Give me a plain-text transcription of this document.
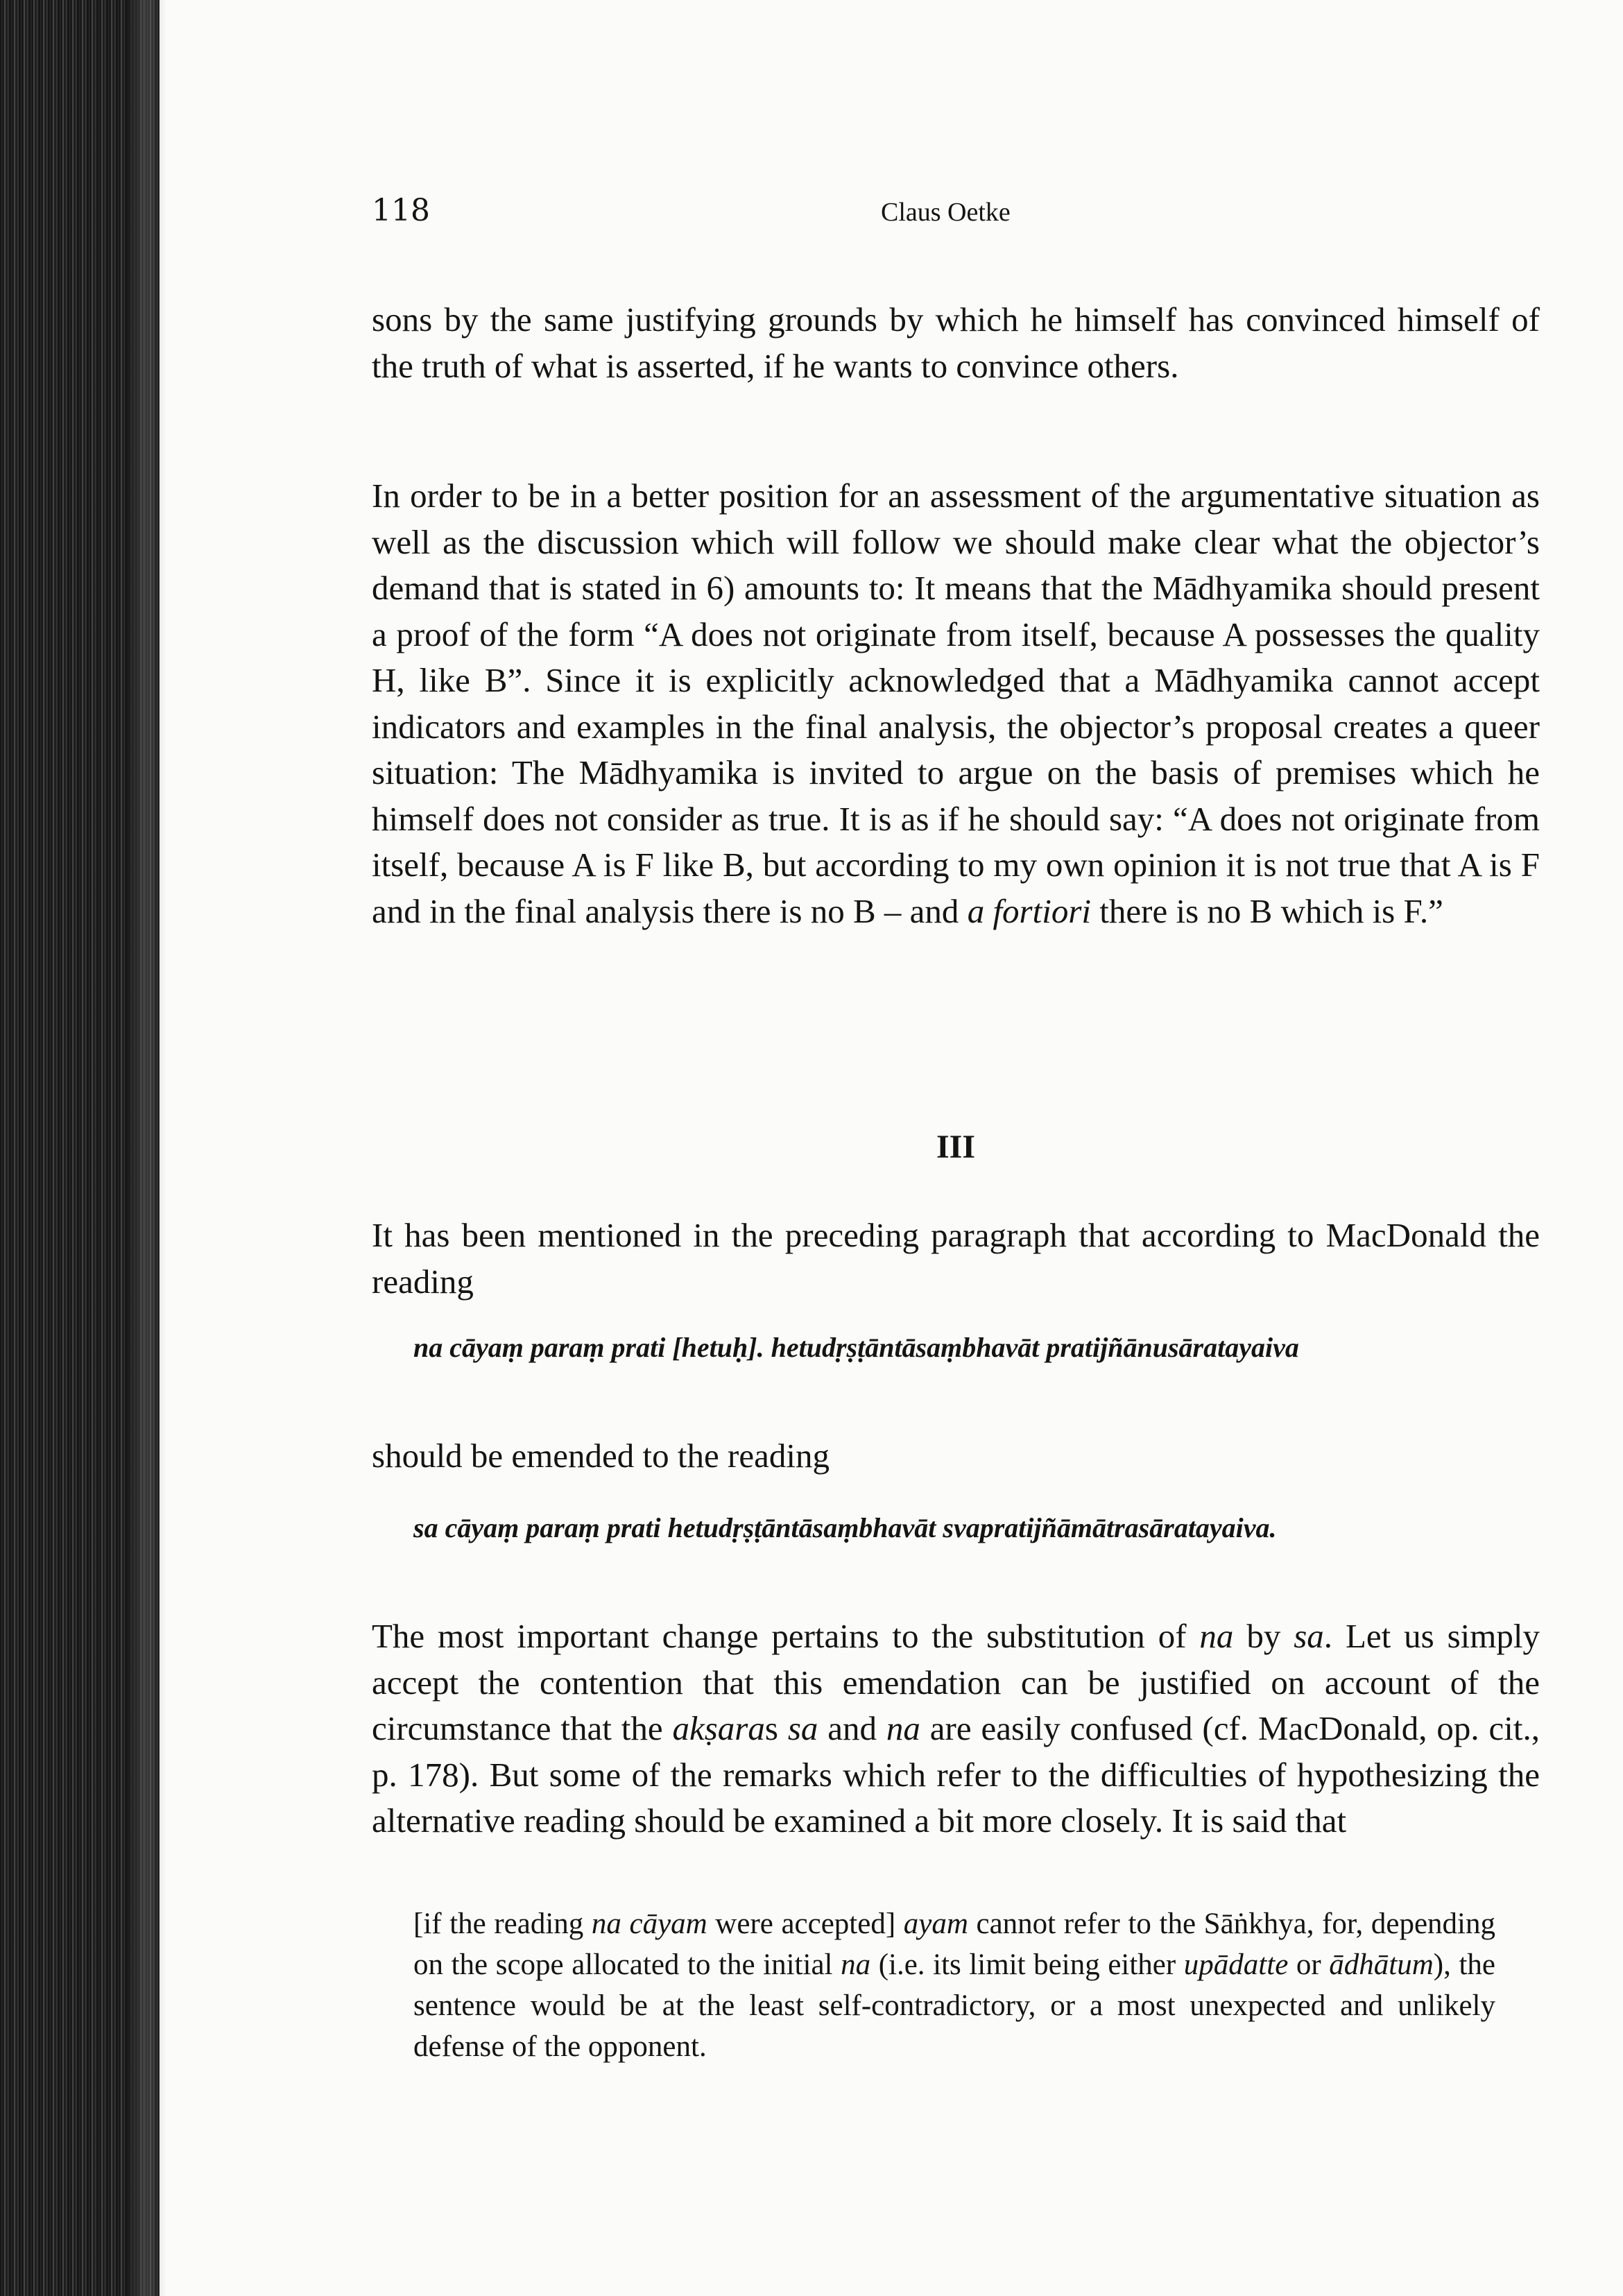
118	Claus Oetke

sons by the same justifying grounds by which he himself has convinced himself of the truth of what is asserted, if he wants to convince others.

In order to be in a better position for an assessment of the argumentative situation as well as the discussion which will follow we should make clear what the objector’s demand that is stated in 6) amounts to: It means that the Mādhyamika should present a proof of the form “A does not originate from itself, because A possesses the quality H, like B”. Since it is explicitly acknowledged that a Mādhyamika cannot accept indicators and examples in the final analysis, the objector’s proposal creates a queer situation: The Mādhyamika is invited to argue on the basis of premises which he himself does not consider as true. It is as if he should say: “A does not originate from itself, because A is F like B, but according to my own opinion it is not true that A is F and in the final analysis there is no B – and a fortiori there is no B which is F.”

III

It has been mentioned in the preceding paragraph that according to MacDonald the reading

na cāyaṃ paraṃ prati [hetuḥ]. hetudṛṣṭāntāsaṃbhavāt pratijñānusāratayaiva

should be emended to the reading

sa cāyaṃ paraṃ prati hetudṛṣṭāntāsaṃbhavāt svapratijñāmātrasāratayaiva.

The most important change pertains to the substitution of na by sa. Let us simply accept the contention that this emendation can be justified on account of the circumstance that the akṣaras sa and na are easily confused (cf. MacDonald, op. cit., p. 178). But some of the remarks which refer to the difficulties of hypothesizing the alternative reading should be examined a bit more closely. It is said that

[if the reading na cāyam were accepted] ayam cannot refer to the Sāṅkhya, for, depending on the scope allocated to the initial na (i.e. its limit being either upādatte or ādhātum), the sentence would be at the least self-contradictory, or a most unexpected and unlikely defense of the opponent.
